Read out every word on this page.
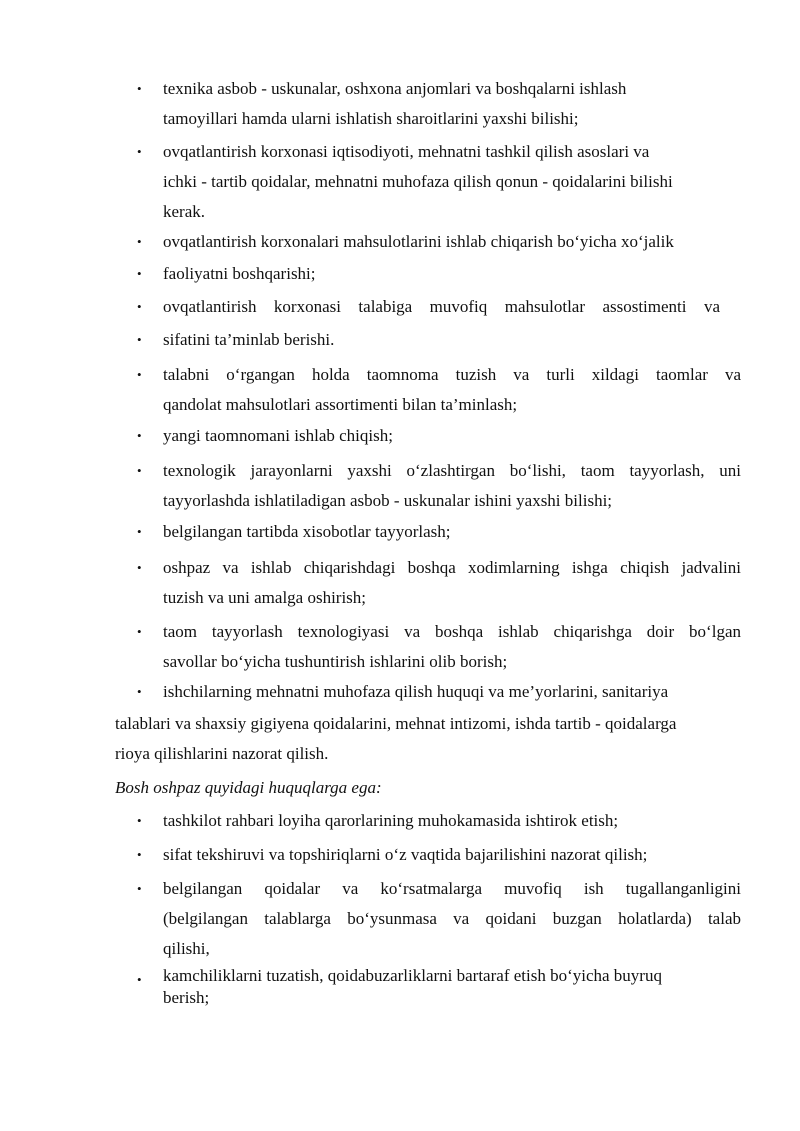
• texnika asbob - uskunalar, oshxona anjomlari va boshqalarni ishlash
tamoyillari hamda ularni ishlatish sharoitlarini yaxshi bilishi;
• ovqatlantirish korxonasi iqtisodiyoti, mehnatni tashkil qilish asoslari va
ichki - tartib qoidalar, mehnatni muhofaza qilish qonun - qoidalarini bilishi
kerak.
• ovqatlantirish korxonalari mahsulotlarini ishlab chiqarish bo‘yicha xo‘jalik
• faoliyatni boshqarishi;
• ovqatlantirish korxonasi talabiga muvofiq mahsulotlar assostimenti va
• sifatini ta’minlab berishi.
• talabni o‘rgangan holda taomnoma tuzish va turli xildagi taomlar va
qandolat mahsulotlari assortimenti bilan ta’minlash;
• yangi taomnomani ishlab chiqish;
• texnologik jarayonlarni yaxshi o‘zlashtirgan bo‘lishi, taom tayyorlash, uni
tayyorlashda ishlatiladigan asbob - uskunalar ishini yaxshi bilishi;
• belgilangan tartibda xisobotlar tayyorlash;
• oshpaz va ishlab chiqarishdagi boshqa xodimlarning ishga chiqish jadvalini
tuzish va uni amalga oshirish;
• taom tayyorlash texnologiyasi va boshqa ishlab chiqarishga doir bo‘lgan
savollar bo‘yicha tushuntirish ishlarini olib borish;
• ishchilarning mehnatni muhofaza qilish huquqi va me’yorlarini, sanitariya
talablari va shaxsiy gigiyena qoidalarini, mehnat intizomi, ishda tartib - qoidalarga
rioya qilishlarini nazorat qilish.
Bosh oshpaz quyidagi huquqlarga ega:
• tashkilot rahbari loyiha qarorlarining muhokamasida ishtirok etish;
• sifat tekshiruvi va topshiriqlarni o‘z vaqtida bajarilishini nazorat qilish;
• belgilangan qoidalar va ko‘rsatmalarga muvofiq ish tugallanganligini
(belgilangan talablarga bo‘ysunmasa va qoidani buzgan holatlarda) talab
qilishi,
• kamchiliklarni tuzatish, qoidabuzarliklarni bartaraf etish bo‘yicha buyruq
berish;
